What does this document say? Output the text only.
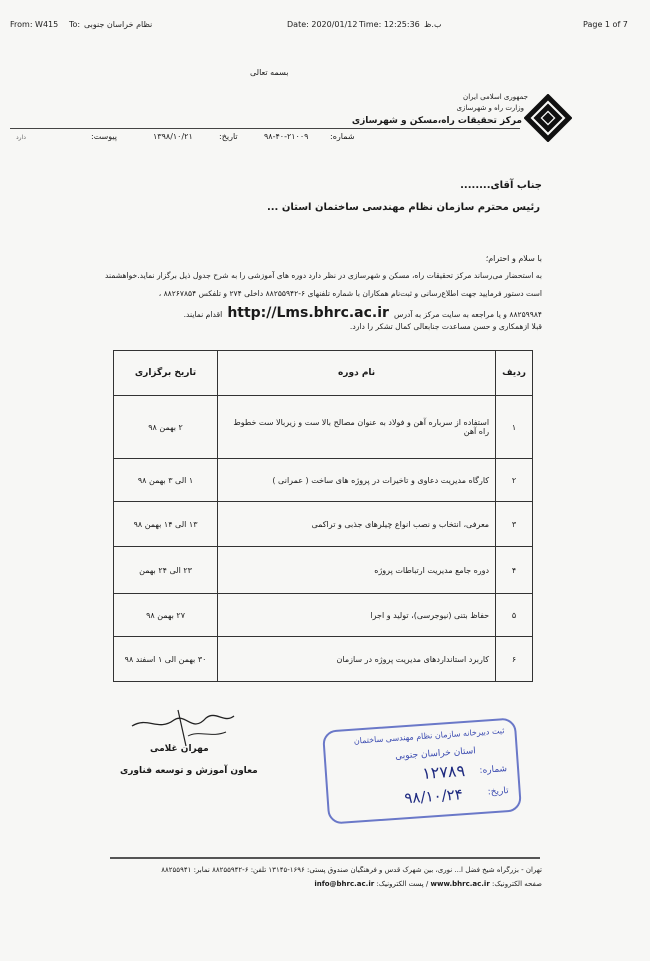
From: W415 To: نظام خراسان جنوبی	Date: 2020/01/12 Time: 12:25:36 ب.ظ	Page 1 of 7
بسمه تعالی
جمهوری اسلامی ایران
وزارت راه و شهرسازی
مرکز تحقیقات راه،مسکن و شهرسازی
شماره:
۹۸-۴۰-۲۱۰۰۹
تاریخ:
۱۳۹۸/۱۰/۲۱
پیوست:
دارد
جناب آقای........
رئیس محترم سازمان نظام مهندسی ساختمان استان ...
با سلام و احترام؛
به استحضار می‌رساند مرکز تحقیقات راه، مسکن و شهرسازی در نظر دارد دوره های آموزشی را به شرح جدول ذیل برگزار نماید.خواهشمند
است دستور فرمایید جهت اطلاع‌رسانی و ثبت‌نام همکاران با شماره تلفنهای ۶-۸۸۲۵۵۹۴۲ داخلی ۲۷۴ و تلفکس ۸۸۲۶۷۸۵۴ ،
۸۸۲۵۹۹۸۴ و یا مراجعه به سایت مرکز به آدرس http://Lms.bhrc.ac.ir اقدام نمایند.
قبلا ازهمکاری و حسن مساعدت جنابعالی کمال تشکر را دارد.
ردیف	نام دوره	تاریخ برگزاری
۱	استفاده از سرباره آهن و فولاد به عنوان مصالح بالا ست و زیربالا ست خطوط راه آهن	۲ بهمن ۹۸
۲	کارگاه مدیریت دعاوی و تاخیرات در پروژه های ساخت ( عمرانی )	۱ الی ۳ بهمن ۹۸
۳	معرفی، انتخاب و نصب انواع چیلرهای جذبی و تراکمی	۱۳ الی ۱۴ بهمن ۹۸
۴	دوره جامع مدیریت ارتباطات پروژه	۲۳ الی ۲۴ بهمن
۵	حفاظ بتنی (نیوجرسی)، تولید و اجرا	۲۷ بهمن ۹۸
۶	کاربرد استانداردهای مدیریت پروژه در سازمان	۳۰ بهمن الی ۱ اسفند ۹۸
مهران غلامی
معاون آموزش و توسعه فناوری
ثبت دبیرخانه سازمان نظام مهندسی ساختمان
استان خراسان جنوبی
شماره:
۱۲۷۸۹
تاریخ:
۹۸/۱۰/۲۴
تهران - بزرگراه شیخ فضل ا... نوری، بین شهرک قدس و فرهنگیان صندوق پستی: ۱۶۹۶-۱۳۱۴۵ تلفن: ۶-۸۸۲۵۵۹۴۲ نمابر: ۸۸۲۵۵۹۴۱
صفحه الکترونیک: www.bhrc.ac.ir / پست الکترونیک: info@bhrc.ac.ir
